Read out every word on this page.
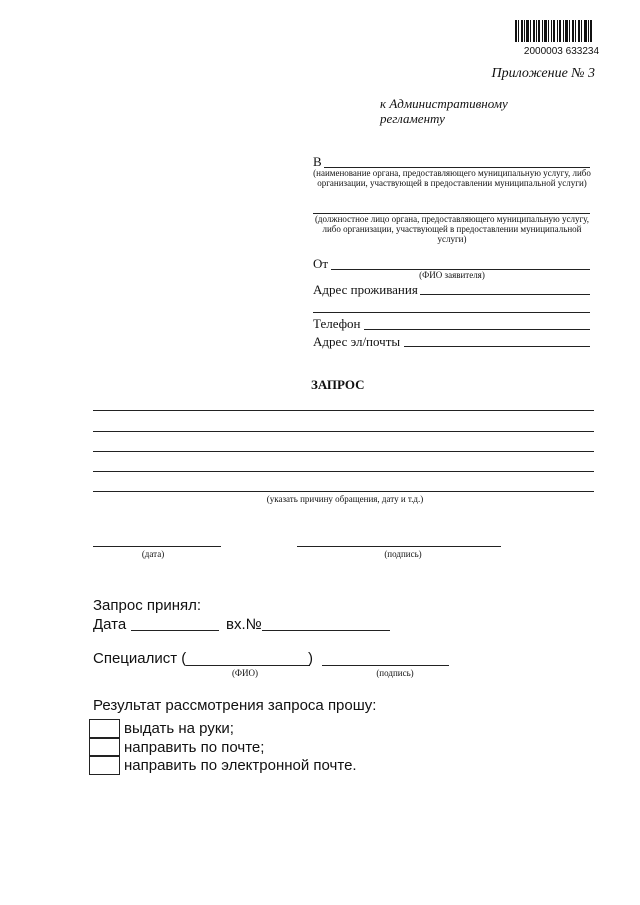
2000003 633234
Приложение № 3
к Административному
регламенту
В
(наименование органа, предоставляющего муниципальную услугу, либо организации, участвующей в предоставлении муниципальной услуги)
(должностное лицо органа, предоставляющего муниципальную услугу, либо организации, участвующей в предоставлении муниципальной услуги)
От
(ФИО заявителя)
Адрес проживания
Телефон
Адрес эл/почты
ЗАПРОС
(указать причину обращения, дату и т.д.)
(дата)	(подпись)
Запрос принял:
Дата	вх.№
Специалист (	)
(ФИО)	(подпись)
Результат рассмотрения запроса прошу:
выдать на руки;
направить по почте;
направить по электронной почте.
